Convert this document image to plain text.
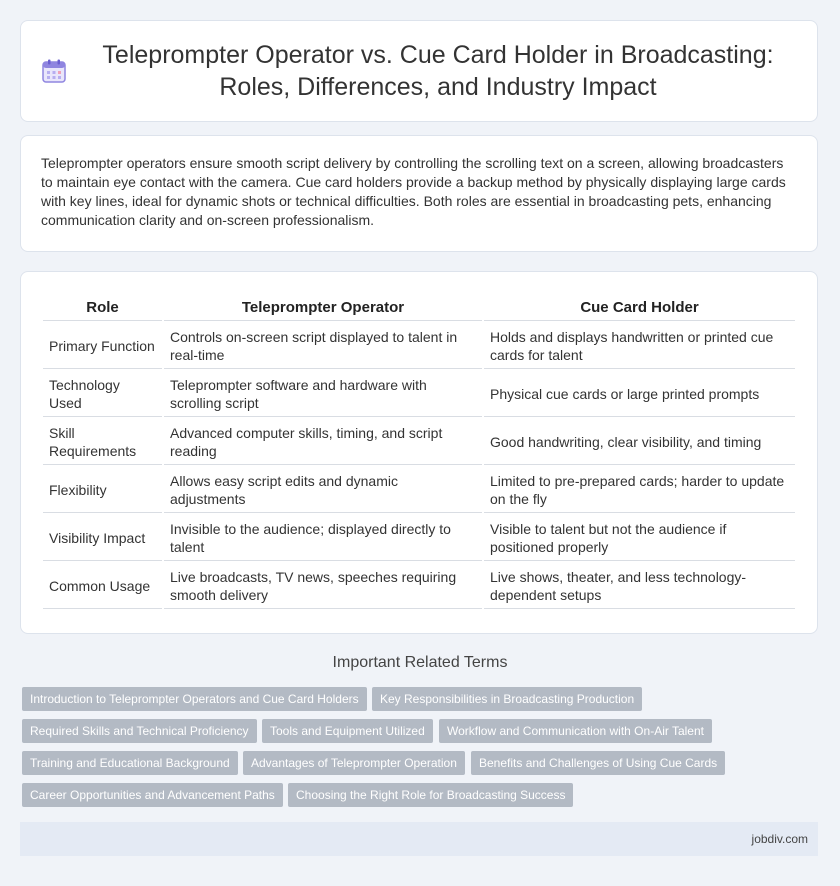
Teleprompter Operator vs. Cue Card Holder in Broadcasting: Roles, Differences, and Industry Impact

Teleprompter operators ensure smooth script delivery by controlling the scrolling text on a screen, allowing broadcasters to maintain eye contact with the camera. Cue card holders provide a backup method by physically displaying large cards with key lines, ideal for dynamic shots or technical difficulties. Both roles are essential in broadcasting pets, enhancing communication clarity and on-screen professionalism.

Role	Teleprompter Operator	Cue Card Holder
Primary Function	Controls on-screen script displayed to talent in real-time	Holds and displays handwritten or printed cue cards for talent
Technology Used	Teleprompter software and hardware with scrolling script	Physical cue cards or large printed prompts
Skill Requirements	Advanced computer skills, timing, and script reading	Good handwriting, clear visibility, and timing
Flexibility	Allows easy script edits and dynamic adjustments	Limited to pre-prepared cards; harder to update on the fly
Visibility Impact	Invisible to the audience; displayed directly to talent	Visible to talent but not the audience if positioned properly
Common Usage	Live broadcasts, TV news, speeches requiring smooth delivery	Live shows, theater, and less technology-dependent setups
Important Related Terms
Introduction to Teleprompter Operators and Cue Card Holders	Key Responsibilities in Broadcasting Production
Required Skills and Technical Proficiency	Tools and Equipment Utilized	Workflow and Communication with On-Air Talent
Training and Educational Background	Advantages of Teleprompter Operation	Benefits and Challenges of Using Cue Cards
Career Opportunities and Advancement Paths	Choosing the Right Role for Broadcasting Success
jobdiv.com
